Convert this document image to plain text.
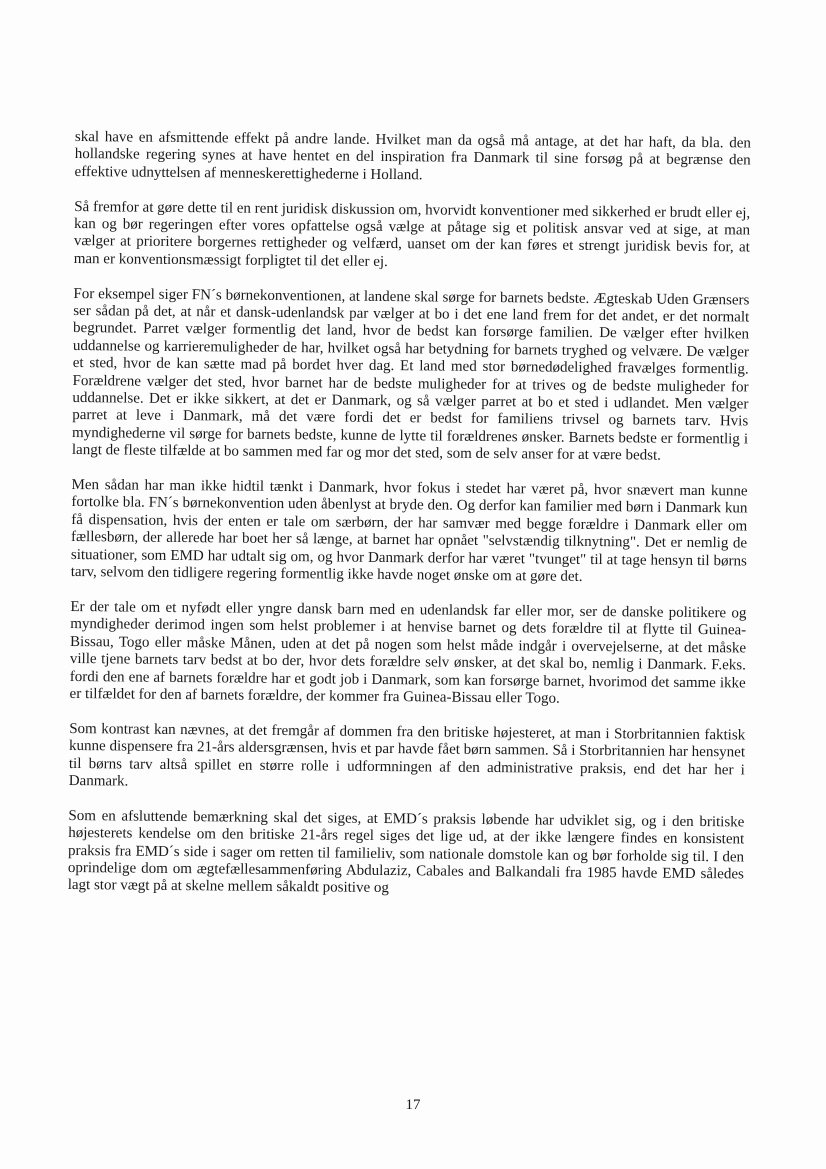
skal have en afsmittende effekt på andre lande. Hvilket man da også må antage, at det har haft, da bla. den hollandske regering synes at have hentet en del inspiration fra Danmark til sine forsøg på at begrænse den effektive udnyttelsen af menneskerettighederne i Holland.

Så fremfor at gøre dette til en rent juridisk diskussion om, hvorvidt konventioner med sikkerhed er brudt eller ej, kan og bør regeringen efter vores opfattelse også vælge at påtage sig et politisk ansvar ved at sige, at man vælger at prioritere borgernes rettigheder og velfærd, uanset om der kan føres et strengt juridisk bevis for, at man er konventionsmæssigt forpligtet til det eller ej.

For eksempel siger FN´s børnekonventionen, at landene skal sørge for barnets bedste. Ægteskab Uden Grænsers ser sådan på det, at når et dansk-udenlandsk par vælger at bo i det ene land frem for det andet, er det normalt begrundet. Parret vælger formentlig det land, hvor de bedst kan forsørge familien. De vælger efter hvilken uddannelse og karrieremuligheder de har, hvilket også har betydning for barnets tryghed og velvære. De vælger et sted, hvor de kan sætte mad på bordet hver dag. Et land med stor børnedødelighed fravælges formentlig. Forældrene vælger det sted, hvor barnet har de bedste muligheder for at trives og de bedste muligheder for uddannelse. Det er ikke sikkert, at det er Danmark, og så vælger parret at bo et sted i udlandet. Men vælger parret at leve i Danmark, må det være fordi det er bedst for familiens trivsel og barnets tarv. Hvis myndighederne vil sørge for barnets bedste, kunne de lytte til forældrenes ønsker. Barnets bedste er formentlig i langt de fleste tilfælde at bo sammen med far og mor det sted, som de selv anser for at være bedst.

Men sådan har man ikke hidtil tænkt i Danmark, hvor fokus i stedet har været på, hvor snævert man kunne fortolke bla. FN´s børnekonvention uden åbenlyst at bryde den. Og derfor kan familier med børn i Danmark kun få dispensation, hvis der enten er tale om særbørn, der har samvær med begge forældre i Danmark eller om fællesbørn, der allerede har boet her så længe, at barnet har opnået "selvstændig tilknytning". Det er nemlig de situationer, som EMD har udtalt sig om, og hvor Danmark derfor har været "tvunget" til at tage hensyn til børns tarv, selvom den tidligere regering formentlig ikke havde noget ønske om at gøre det.

Er der tale om et nyfødt eller yngre dansk barn med en udenlandsk far eller mor, ser de danske politikere og myndigheder derimod ingen som helst problemer i at henvise barnet og dets forældre til at flytte til Guinea-Bissau, Togo eller måske Månen, uden at det på nogen som helst måde indgår i overvejelserne, at det måske ville tjene barnets tarv bedst at bo der, hvor dets forældre selv ønsker, at det skal bo, nemlig i Danmark. F.eks. fordi den ene af barnets forældre har et godt job i Danmark, som kan forsørge barnet, hvorimod det samme ikke er tilfældet for den af barnets forældre, der kommer fra Guinea-Bissau eller Togo.

Som kontrast kan nævnes, at det fremgår af dommen fra den britiske højesteret, at man i Storbritannien faktisk kunne dispensere fra 21-års aldersgrænsen, hvis et par havde fået børn sammen. Så i Storbritannien har hensynet til børns tarv altså spillet en større rolle i udformningen af den administrative praksis, end det har her i Danmark.

Som en afsluttende bemærkning skal det siges, at EMD´s praksis løbende har udviklet sig, og i den britiske højesterets kendelse om den britiske 21-års regel siges det lige ud, at der ikke længere findes en konsistent praksis fra EMD´s side i sager om retten til familieliv, som nationale domstole kan og bør forholde sig til. I den oprindelige dom om ægtefællesammenføring Abdulaziz, Cabales and Balkandali fra 1985 havde EMD således lagt stor vægt på at skelne mellem såkaldt positive og

17
